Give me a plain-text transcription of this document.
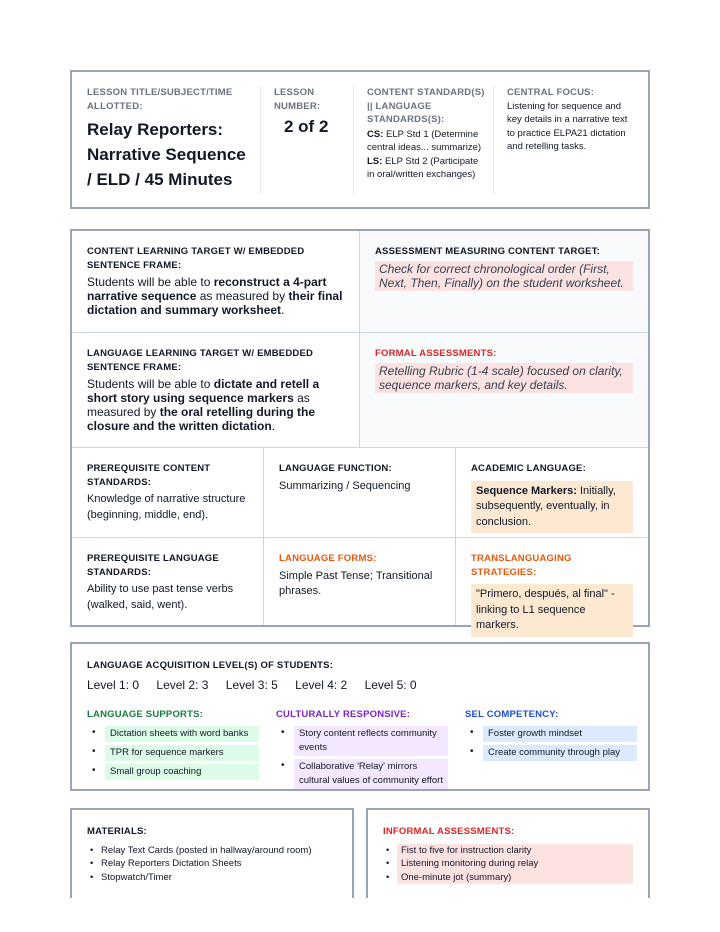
LESSON TITLE/SUBJECT/TIME ALLOTTED:
Relay Reporters:
Narrative Sequence
/ ELD / 45 Minutes
LESSON NUMBER:
2 of 2
CONTENT STANDARD(S) || LANGUAGE STANDARDS(S):
CS: ELP Std 1 (Determine central ideas... summarize)
LS: ELP Std 2 (Participate in oral/written exchanges)
CENTRAL FOCUS:
Listening for sequence and key details in a narrative text to practice ELPA21 dictation and retelling tasks.
CONTENT LEARNING TARGET W/ EMBEDDED SENTENCE FRAME:
Students will be able to reconstruct a 4-part narrative sequence as measured by their final dictation and summary worksheet.
ASSESSMENT MEASURING CONTENT TARGET:
Check for correct chronological order (First, Next, Then, Finally) on the student worksheet.
LANGUAGE LEARNING TARGET W/ EMBEDDED SENTENCE FRAME:
Students will be able to dictate and retell a short story using sequence markers as measured by the oral retelling during the closure and the written dictation.
FORMAL ASSESSMENTS:
Retelling Rubric (1-4 scale) focused on clarity, sequence markers, and key details.
PREREQUISITE CONTENT STANDARDS:
Knowledge of narrative structure (beginning, middle, end).
LANGUAGE FUNCTION:
Summarizing / Sequencing
ACADEMIC LANGUAGE:
Sequence Markers: Initially, subsequently, eventually, in conclusion.
PREREQUISITE LANGUAGE STANDARDS:
Ability to use past tense verbs (walked, said, went).
LANGUAGE FORMS:
Simple Past Tense; Transitional phrases.
TRANSLANGUAGING STRATEGIES:
"Primero, después, al final" - linking to L1 sequence markers.
LANGUAGE ACQUISITION LEVEL(S) OF STUDENTS:
Level 1: 0 Level 2: 3 Level 3: 5 Level 4: 2 Level 5: 0
LANGUAGE SUPPORTS:
• Dictation sheets with word banks
• TPR for sequence markers
• Small group coaching
CULTURALLY RESPONSIVE:
• Story content reflects community events
• Collaborative 'Relay' mirrors cultural values of community effort
SEL COMPETENCY:
• Foster growth mindset
• Create community through play
MATERIALS:
• Relay Text Cards (posted in hallway/around room)
• Relay Reporters Dictation Sheets
• Stopwatch/Timer
INFORMAL ASSESSMENTS:
• Fist to five for instruction clarity
• Listening monitoring during relay
• One-minute jot (summary)
